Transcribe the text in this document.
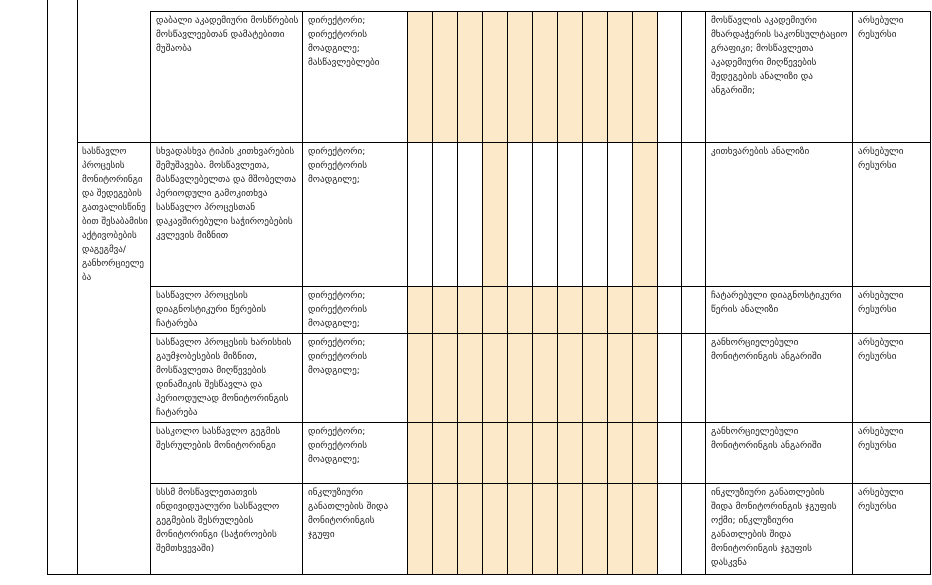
		დაბალი აკადემიური მოსწრების მოსწავლეებთან დამატებითი მუშაობა	დირექტორი; დირექტორის მოადგილე; მასწავლებლები													მოსწავლის აკადემიური მხარდაჭერის საკონსულტაციო გრაფიკი; მოსწავლეთა აკადემიური მიღწევების შედეგების ანალიზი და ანგარიში;	არსებული რესურსი
	სასწავლო პროცესის მონიტორინგი და შედეგების გათვალისწინებით შესაბამისი აქტივობების დაგეგმვა/განხორციელება	სხვადასხვა ტიპის კითხვარების შემუშავება. მოსწავლეთა, მასწავლებელთა და მშობელთა პერიოდული გამოკითხვა სასწავლო პროცესთან დაკავშირებული საჭიროებების კვლევის მიზნით	დირექტორი; დირექტორის მოადგილე;													კითხვარების ანალიზი	არსებული რესურსი
		სასწავლო პროცესის დიაგნოსტიკური წერების ჩატარება	დირექტორი; დირექტორის მოადგილე;													ჩატარებული დიაგნოსტიკური წერის ანალიზი	არსებული რესურსი
		სასწავლო პროცესის ხარისხის გაუმჯობესების მიზნით, მოსწავლეთა მიღწევების დინამიკის შესწავლა და პერიოდულად მონიტორინგის ჩატარება	დირექტორი; დირექტორის მოადგილე;													განხორციელებული მონიტორინგის ანგარიში	არსებული რესურსი
		სასკოლო სასწავლო გეგმის შესრულების მონიტორინგი	დირექტორი; დირექტორის მოადგილე;													განხორციელებული მონიტორინგის ანგარიში	არსებული რესურსი
		სსსმ მოსწავლეთათვის ინდივიდუალური სასწავლო გეგმების შესრულების მონიტორინგი (საჭიროების შემთხვევაში)	ინკლუზიური განათლების შიდა მონიტორინგის ჯგუფი													ინკლუზიური განათლების შიდა მონიტორინგის ჯგუფის ოქმი; ინკლუზიური განათლების შიდა მონიტორინგის ჯგუფის დასკვნა	არსებული რესურსი
